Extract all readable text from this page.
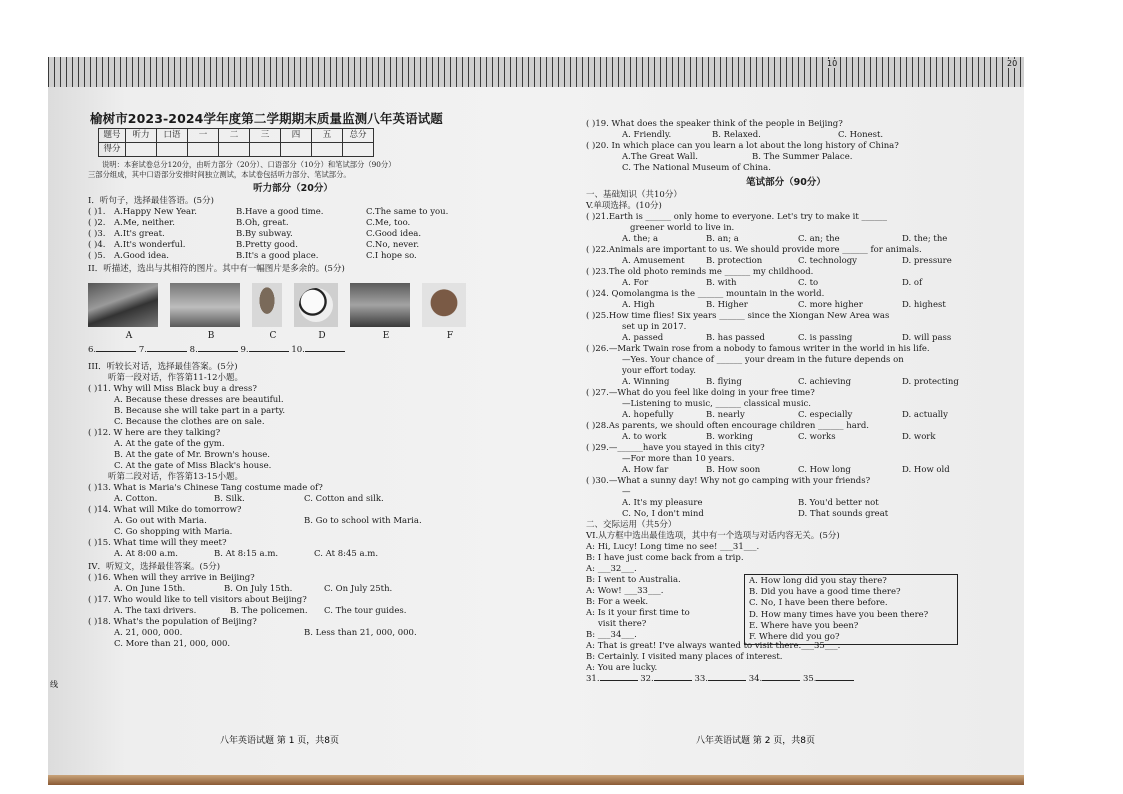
10	20
榆树市2023-2024学年度第二学期期末质量监测八年英语试题
题号	听力	口语	一	二	三	四	五	总分
得分								
说明：本套试卷总分120分，由听力部分（20分）、口语部分（10分）和笔试部分（90分）
三部分组成，其中口语部分安排时间独立测试，本试卷包括听力部分、笔试部分。
听力部分（20分）
I．听句子，选择最佳答语。(5分)
( )1.	A.Happy New Year.	B.Have a good time.	C.The same to you.
( )2.	A.Me, neither.	B.Oh, great.	C.Me, too.
( )3.	A.It's great.	B.By subway.	C.Good idea.
( )4.	A.It's wonderful.	B.Pretty good.	C.No, never.
( )5.	A.Good idea.	B.It's a good place.	C.I hope so.
II．听描述，选出与其相符的图片。其中有一幅图片是多余的。(5分)
A	B	C	D	E	F
6.	7.	8.	9.	10.
III．听较长对话，选择最佳答案。(5分)
听第一段对话，作答第11-12小题。
( )11. Why will Miss Black buy a dress?
A. Because these dresses are beautiful.
B. Because she will take part in a party.
C. Because the clothes are on sale.
( )12. W here are they talking?
A. At the gate of the gym.
B. At the gate of Mr. Brown's house.
C. At the gate of Miss Black's house.
听第二段对话，作答第13-15小题。
( )13. What is Maria's Chinese Tang costume made of?
A. Cotton.	B. Silk.	C. Cotton and silk.
( )14. What will Mike do tomorrow?
A. Go out with Maria.	B. Go to school with Maria.
C. Go shopping with Maria.
( )15. What time will they meet?
A. At 8:00 a.m.	B. At 8:15 a.m.	C. At 8:45 a.m.
IV．听短文，选择最佳答案。(5分)
( )16. When will they arrive in Beijing?
A. On June 15th.	B. On July 15th.	C. On July 25th.
( )17. Who would like to tell visitors about Beijing?
A. The taxi drivers.	B. The policemen.	C. The tour guides.
( )18. What's the population of Beijing?
A. 21, 000, 000.	B. Less than 21, 000, 000.
C. More than 21, 000, 000.
八年英语试题 第 1 页，共8页
线
( )19. What does the speaker think of the people in Beijing?
A. Friendly.	B. Relaxed.	C. Honest.
( )20. In which place can you learn a lot about the long history of China?
A.The Great Wall.	B. The Summer Palace.
C. The National Museum of China.
笔试部分（90分）
一、基础知识（共10分）
V.单项选择。(10分)
( )21.Earth is ______ only home to everyone. Let's try to make it ______
greener world to live in.
A. the; a	B. an; a	C. an; the	D. the; the
( )22.Animals are important to us. We should provide more ______ for animals.
A. Amusement	B. protection	C. technology	D. pressure
( )23.The old photo reminds me ______ my childhood.
A. For	B. with	C. to	D. of
( )24. Qomolangma is the ______ mountain in the world.
A. High	B. Higher	C. more higher	D. highest
( )25.How time flies! Six years ______ since the Xiongan New Area was
set up in 2017.
A. passed	B. has passed	C. is passing	D. will pass
( )26.—Mark Twain rose from a nobody to famous writer in the world in his life.
—Yes. Your chance of ______ your dream in the future depends on
your effort today.
A. Winning	B. flying	C. achieving	D. protecting
( )27.—What do you feel like doing in your free time?
—Listening to music, ______ classical music.
A. hopefully	B. nearly	C. especially	D. actually
( )28.As parents, we should often encourage children ______ hard.
A. to work	B. working	C. works	D. work
( )29.—______have you stayed in this city?
—For more than 10 years.
A. How far	B. How soon	C. How long	D. How old
( )30.—What a sunny day! Why not go camping with your friends?
—
A. It's my pleasure	B. You'd better not
C. No, I don't mind	D. That sounds great
二、交际运用（共5分）
VI.从方框中选出最佳选项，其中有一个选项与对话内容无关。(5分)
A: Hi, Lucy! Long time no see! ___31___.
B: I have just come back from a trip.
A: ___32___.
B: I went to Australia.
A: Wow! ___33___.
B: For a week.
A: Is it your first time to
visit there?
B: ___34___.
A: That is great! I've always wanted to visit there.___35___.
B: Certainly. I visited many places of interest.
A: You are lucky.
A. How long did you stay there?
B. Did you have a good time there?
C. No, I have been there before.
D. How many times have you been there?
E. Where have you been?
F. Where did you go?
31.	32.	33.	34.	35.
八年英语试题 第 2 页，共8页
